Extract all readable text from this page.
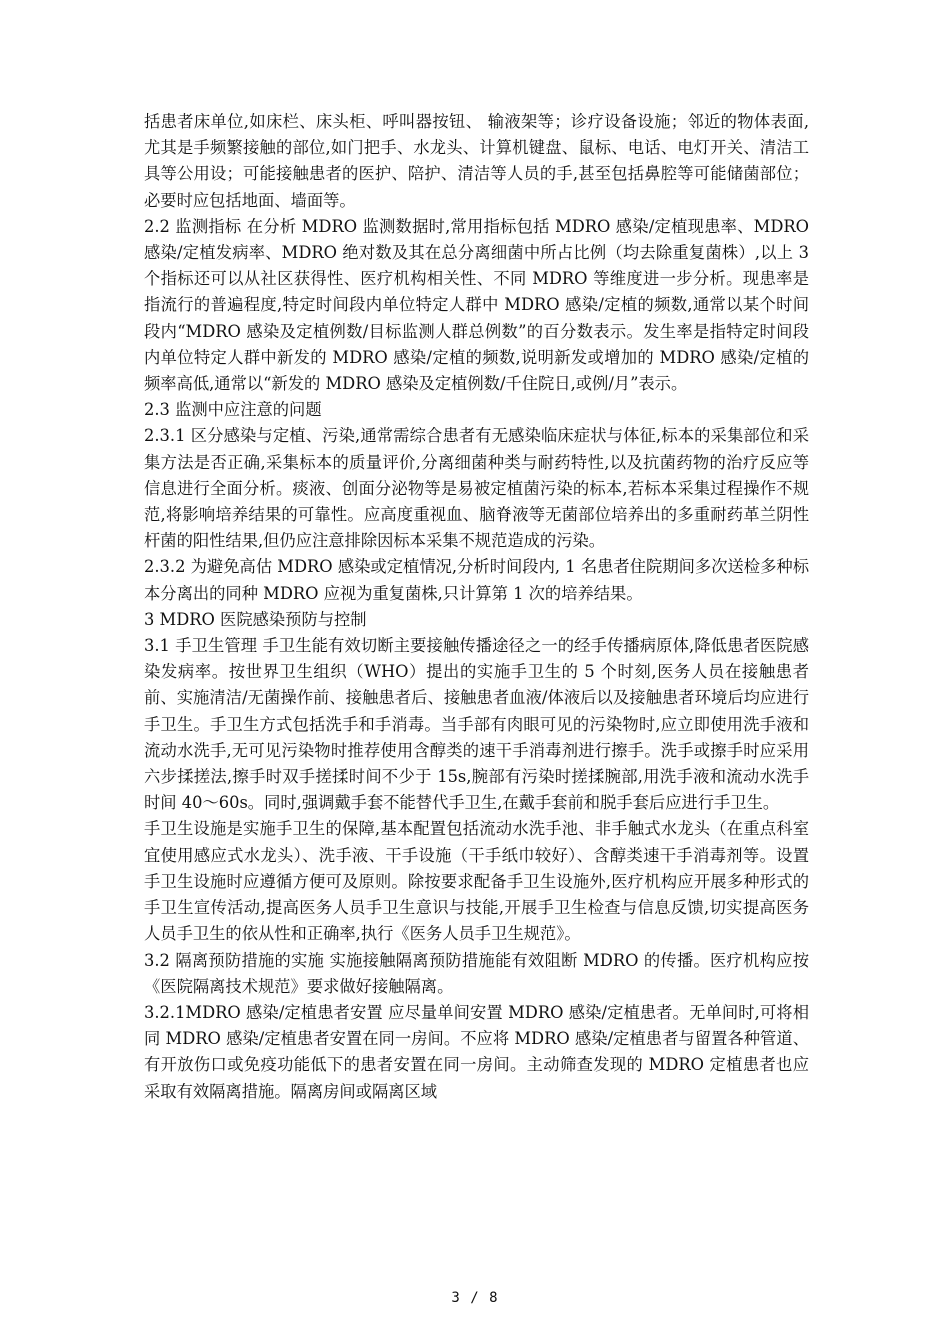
括患者床单位,如床栏、床头柜、呼叫器按钮、 输液架等；诊疗设备设施；邻近的物体表面,尤其是手频繁接触的部位,如门把手、水龙头、计算机键盘、鼠标、电话、电灯开关、清洁工具等公用设；可能接触患者的医护、陪护、清洁等人员的手,甚至包括鼻腔等可能储菌部位；必要时应包括地面、墙面等。

2.2 监测指标 在分析 MDRO 监测数据时,常用指标包括 MDRO 感染/定植现患率、MDRO 感染/定植发病率、MDRO 绝对数及其在总分离细菌中所占比例（均去除重复菌株）,以上 3 个指标还可以从社区获得性、医疗机构相关性、不同 MDRO 等维度进一步分析。现患率是指流行的普遍程度,特定时间段内单位特定人群中 MDRO 感染/定植的频数,通常以某个时间段内“MDRO 感染及定植例数/目标监测人群总例数”的百分数表示。发生率是指特定时间段内单位特定人群中新发的 MDRO 感染/定植的频数,说明新发或增加的 MDRO 感染/定植的频率高低,通常以“新发的 MDRO 感染及定植例数/千住院日,或例/月”表示。

2.3 监测中应注意的问题

2.3.1 区分感染与定植、污染,通常需综合患者有无感染临床症状与体征,标本的采集部位和采集方法是否正确,采集标本的质量评价,分离细菌种类与耐药特性,以及抗菌药物的治疗反应等信息进行全面分析。痰液、创面分泌物等是易被定植菌污染的标本,若标本采集过程操作不规范,将影响培养结果的可靠性。应高度重视血、脑脊液等无菌部位培养出的多重耐药革兰阴性杆菌的阳性结果,但仍应注意排除因标本采集不规范造成的污染。

2.3.2 为避免高估 MDRO 感染或定植情况,分析时间段内, 1 名患者住院期间多次送检多种标本分离出的同种 MDRO 应视为重复菌株,只计算第 1 次的培养结果。

3 MDRO 医院感染预防与控制

3.1 手卫生管理 手卫生能有效切断主要接触传播途径之一的经手传播病原体,降低患者医院感染发病率。按世界卫生组织（WHO）提出的实施手卫生的 5 个时刻,医务人员在接触患者前、实施清洁/无菌操作前、接触患者后、接触患者血液/体液后以及接触患者环境后均应进行手卫生。手卫生方式包括洗手和手消毒。当手部有肉眼可见的污染物时,应立即使用洗手液和流动水洗手,无可见污染物时推荐使用含醇类的速干手消毒剂进行擦手。洗手或擦手时应采用六步揉搓法,擦手时双手搓揉时间不少于 15s,腕部有污染时搓揉腕部,用洗手液和流动水洗手时间 40～60s。同时,强调戴手套不能替代手卫生,在戴手套前和脱手套后应进行手卫生。

手卫生设施是实施手卫生的保障,基本配置包括流动水洗手池、非手触式水龙头（在重点科室宜使用感应式水龙头）、洗手液、干手设施（干手纸巾较好）、含醇类速干手消毒剂等。设置手卫生设施时应遵循方便可及原则。除按要求配备手卫生设施外,医疗机构应开展多种形式的手卫生宣传活动,提高医务人员手卫生意识与技能,开展手卫生检查与信息反馈,切实提高医务人员手卫生的依从性和正确率,执行《医务人员手卫生规范》。

3.2 隔离预防措施的实施 实施接触隔离预防措施能有效阻断 MDRO 的传播。医疗机构应按《医院隔离技术规范》要求做好接触隔离。

3.2.1MDRO 感染/定植患者安置 应尽量单间安置 MDRO 感染/定植患者。无单间时,可将相同 MDRO 感染/定植患者安置在同一房间。不应将 MDRO 感染/定植患者与留置各种管道、有开放伤口或免疫功能低下的患者安置在同一房间。主动筛查发现的 MDRO 定植患者也应采取有效隔离措施。隔离房间或隔离区域

3 / 8
